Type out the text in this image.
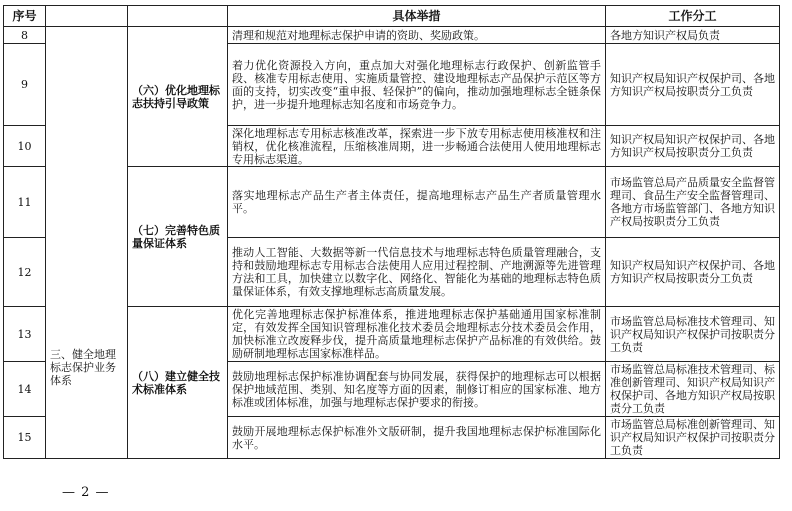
序号			具体举措	工作分工
8	三、健全地理标志保护业务体系	（六）优化地理标志扶持引导政策	清理和规范对地理标志保护申请的资助、奖励政策。	各地方知识产权局负责
9			着力优化资源投入方向，重点加大对强化地理标志行政保护、创新监管手段、核准专用标志使用、实施质量管控、建设地理标志产品保护示范区等方面的支持，切实改变“重申报、轻保护”的偏向，推动加强地理标志全链条保护，进一步提升地理标志知名度和市场竞争力。	知识产权局知识产权保护司、各地方知识产权局按职责分工负责
10			深化地理标志专用标志核准改革，探索进一步下放专用标志使用核准权和注销权，优化核准流程，压缩核准周期，进一步畅通合法使用人使用地理标志专用标志渠道。	知识产权局知识产权保护司、各地方知识产权局按职责分工负责
11		（七）完善特色质量保证体系	落实地理标志产品生产者主体责任，提高地理标志产品生产者质量管理水平。	市场监管总局产品质量安全监督管理司、食品生产安全监督管理司、各地方市场监管部门、各地方知识产权局按职责分工负责
12			推动人工智能、大数据等新一代信息技术与地理标志特色质量管理融合，支持和鼓励地理标志专用标志合法使用人应用过程控制、产地溯源等先进管理方法和工具，加快建立以数字化、网络化、智能化为基础的地理标志特色质量保证体系，有效支撑地理标志高质量发展。	知识产权局知识产权保护司、各地方知识产权局按职责分工负责
13		（八）建立健全技术标准体系	优化完善地理标志保护标准体系，推进地理标志保护基础通用国家标准制定，有效发挥全国知识管理标准化技术委员会地理标志分技术委员会作用，加快标准立改废释步伐，提升高质量地理标志保护产品标准的有效供给。鼓励研制地理标志国家标准样品。	市场监管总局标准技术管理司、知识产权局知识产权保护司按职责分工负责
14			鼓励地理标志保护标准协调配套与协同发展，获得保护的地理标志可以根据保护地域范围、类别、知名度等方面的因素，制修订相应的国家标准、地方标准或团体标准，加强与地理标志保护要求的衔接。	市场监管总局标准技术管理司、标准创新管理司、知识产权局知识产权保护司、各地方知识产权局按职责分工负责
15			鼓励开展地理标志保护标准外文版研制，提升我国地理标志保护标准国际化水平。	市场监管总局标准创新管理司、知识产权局知识产权保护司按职责分工负责
— 2 —
